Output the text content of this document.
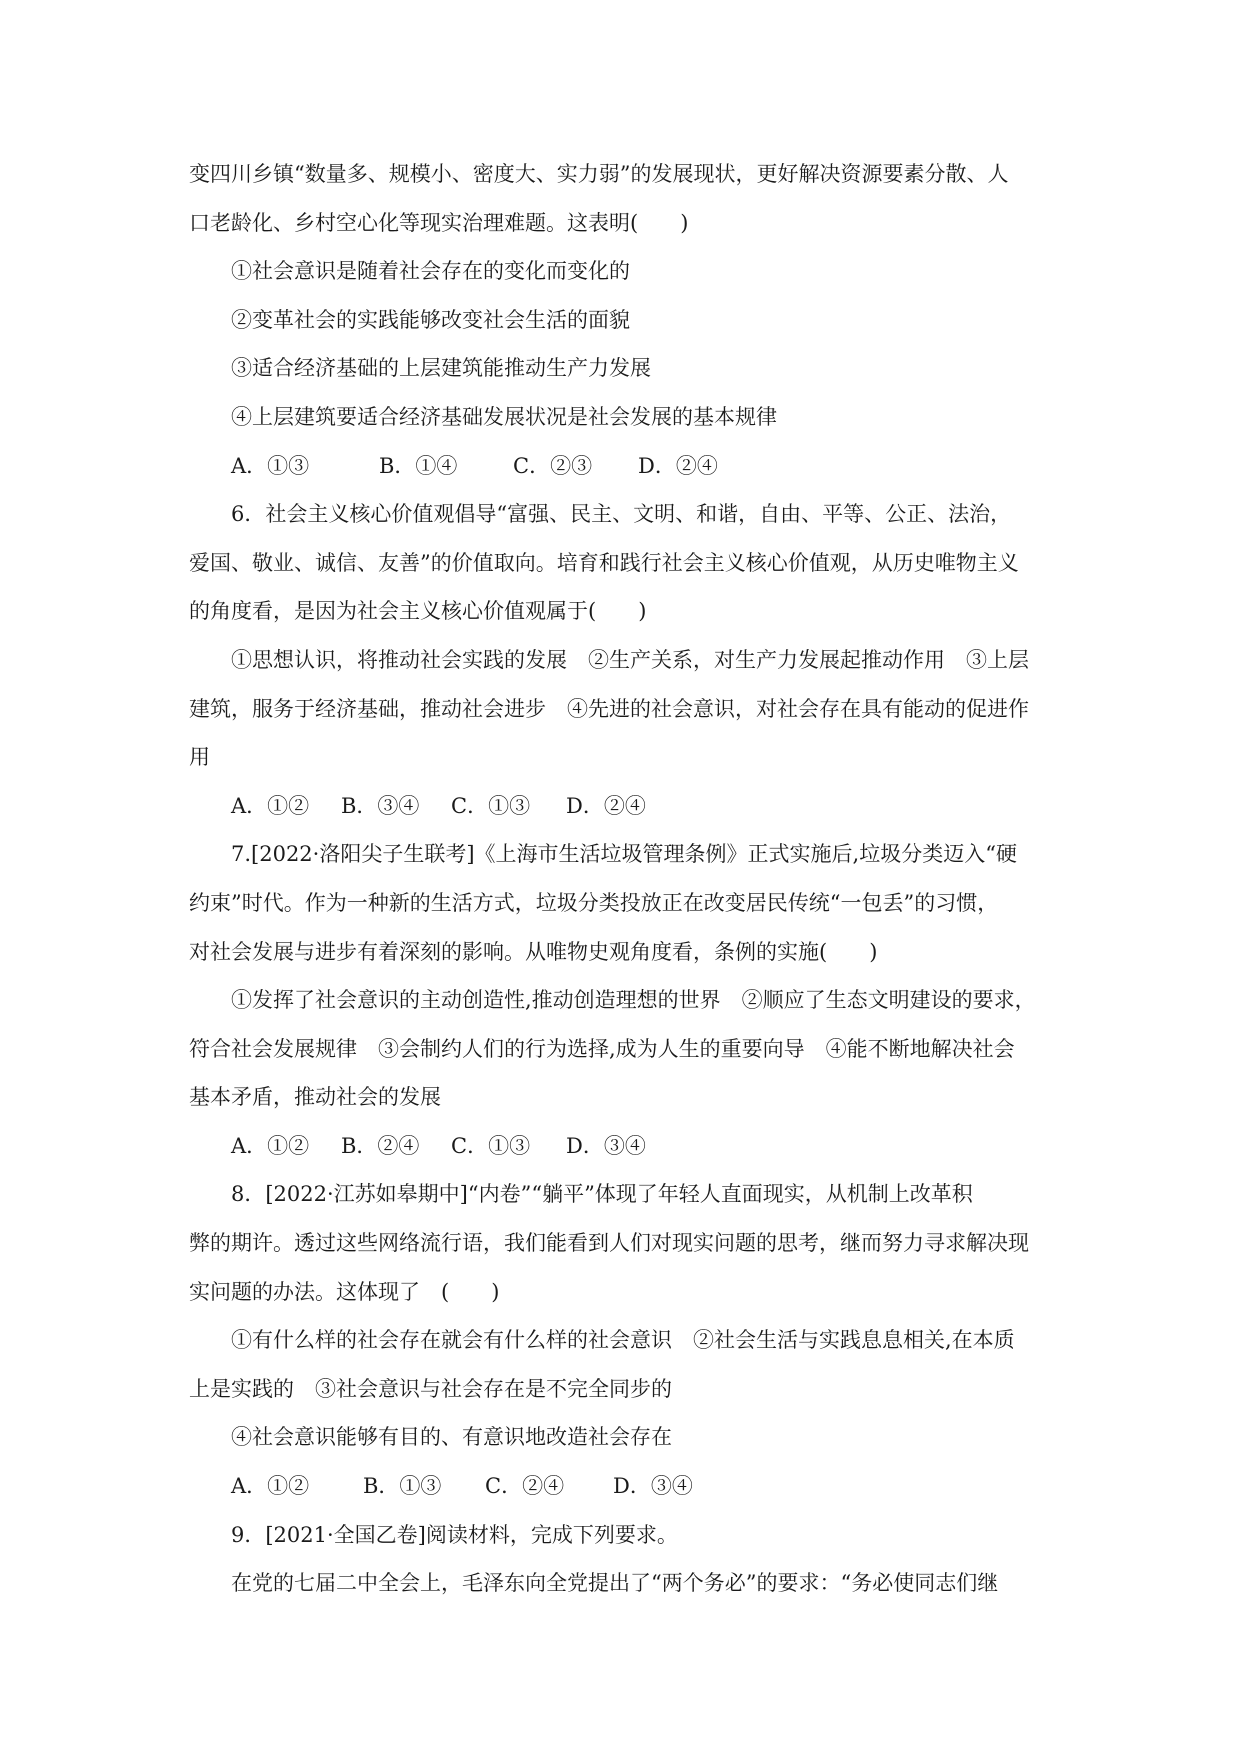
变四川乡镇“数量多、规模小、密度大、实力弱”的发展现状，更好解决资源要素分散、人
口老龄化、乡村空心化等现实治理难题。这表明(　　)
①社会意识是随着社会存在的变化而变化的
②变革社会的实践能够改变社会生活的面貌
③适合经济基础的上层建筑能推动生产力发展
④上层建筑要适合经济基础发展状况是社会发展的基本规律
A．①③	B．①④	C．②③ D．②④
6．社会主义核心价值观倡导“富强、民主、文明、和谐，自由、平等、公正、法治，
爱国、敬业、诚信、友善”的价值取向。培育和践行社会主义核心价值观，从历史唯物主义
的角度看，是因为社会主义核心价值观属于(　　)
①思想认识，将推动社会实践的发展　②生产关系，对生产力发展起推动作用　③上层
建筑，服务于经济基础，推动社会进步　④先进的社会意识，对社会存在具有能动的促进作
用
A．①② B．③④ C．①③ D．②④
7.[2022·洛阳尖子生联考]《上海市生活垃圾管理条例》正式实施后,垃圾分类迈入“硬
约束”时代。作为一种新的生活方式，垃圾分类投放正在改变居民传统“一包丢”的习惯，
对社会发展与进步有着深刻的影响。从唯物史观角度看，条例的实施(　　)
①发挥了社会意识的主动创造性,推动创造理想的世界　②顺应了生态文明建设的要求，
符合社会发展规律　③会制约人们的行为选择,成为人生的重要向导　④能不断地解决社会
基本矛盾，推动社会的发展
A．①② B．②④ C．①③ D．③④
8．[2022·江苏如皋期中]“内卷”“躺平”体现了年轻人直面现实，从机制上改革积
弊的期许。透过这些网络流行语，我们能看到人们对现实问题的思考，继而努力寻求解决现
实问题的办法。这体现了　(　　)
①有什么样的社会存在就会有什么样的社会意识　②社会生活与实践息息相关,在本质
上是实践的　③社会意识与社会存在是不完全同步的
④社会意识能够有目的、有意识地改造社会存在
A．①②	B．①③ C．②④ D．③④
9．[2021·全国乙卷]阅读材料，完成下列要求。
在党的七届二中全会上，毛泽东向全党提出了“两个务必”的要求：“务必使同志们继
